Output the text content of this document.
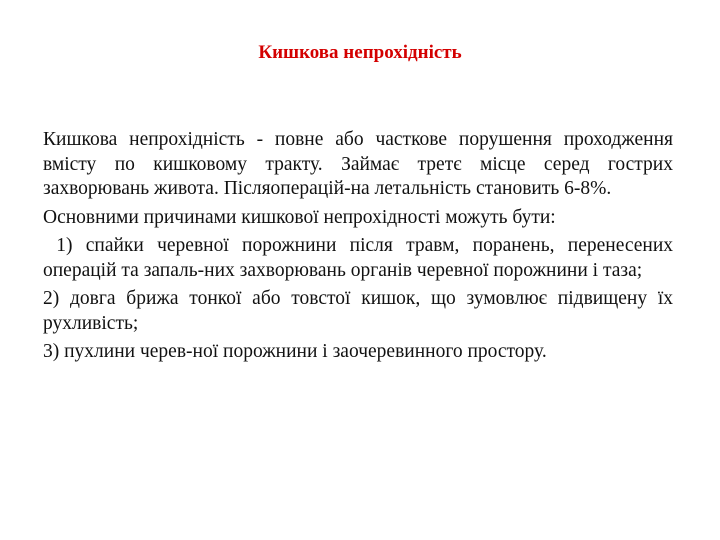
Кишкова непрохідність

Кишкова непрохідність - повне або часткове порушення проходження вмісту по кишковому тракту. Займає третє місце серед гострих захворювань живота. Післяоперацій-на летальність становить 6-8%.

Основними причинами кишкової непрохідності можуть бути:

1) спайки черевної порожнини після травм, поранень, перенесених операцій та запаль-них захворювань органів черевної порожнини і таза;

2) довга брижа тонкої або товстої кишок, що зумовлює підвищену їх рухливість;

3) пухлини черев-ної порожнини і заочеревинного простору.
